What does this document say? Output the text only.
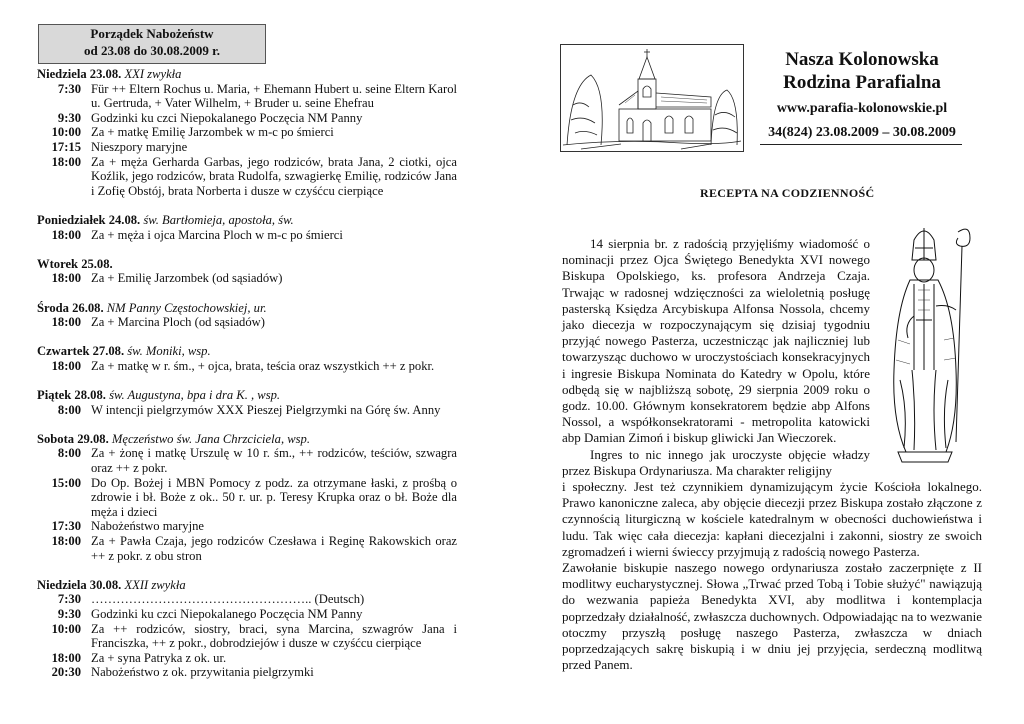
Porządek Nabożeństw
od 23.08 do 30.08.2009 r.
Niedziela 23.08. XXI zwykła
7:30 Für ++ Eltern Rochus u. Maria, + Ehemann Hubert u. seine Eltern Karol u. Gertruda, + Vater Wilhelm, + Bruder u. seine Ehefrau
9:30 Godzinki ku czci Niepokalanego Poczęcia NM Panny
10:00 Za + matkę Emilię Jarzombek w m-c po śmierci
17:15 Nieszpory maryjne
18:00 Za + męża Gerharda Garbas, jego rodziców, brata Jana, 2 ciotki, ojca Koźlik, jego rodziców, brata Rudolfa, szwagierkę Emilię, rodziców Jana i Zofię Obstój, brata Norberta i dusze w czyśćcu cierpiące
Poniedziałek 24.08. św. Bartłomieja, apostoła, św.
18:00 Za + męża i ojca Marcina Ploch w m-c po śmierci
Wtorek 25.08.
18:00 Za + Emilię Jarzombek (od sąsiadów)
Środa 26.08. NM Panny Częstochowskiej, ur.
18:00 Za + Marcina Ploch (od sąsiadów)
Czwartek 27.08. św. Moniki, wsp.
18:00 Za + matkę w r. śm., + ojca, brata, teścia oraz wszystkich ++ z pokr.
Piątek 28.08. św. Augustyna, bpa i dra K. , wsp.
8:00 W intencji pielgrzymów XXX Pieszej Pielgrzymki na Górę św. Anny
Sobota 29.08. Męczeństwo św. Jana Chrzciciela, wsp.
8:00 Za + żonę i matkę Urszulę w 10 r. śm., ++ rodziców, teściów, szwagra oraz ++ z pokr.
15:00 Do Op. Bożej i MBN Pomocy z podz. za otrzymane łaski, z prośbą o zdrowie i bł. Boże z ok.. 50 r. ur. p. Teresy Krupka oraz o bł. Boże dla męża i dzieci
17:30 Nabożeństwo maryjne
18:00 Za + Pawła Czaja, jego rodziców Czesława i Reginę Rakowskich oraz ++ z pokr. z obu stron
Niedziela 30.08. XXII zwykła
7:30 …………………………………………….. (Deutsch)
9:30 Godzinki ku czci Niepokalanego Poczęcia NM Panny
10:00 Za ++ rodziców, siostry, braci, syna Marcina, szwagrów Jana i Franciszka, ++ z pokr., dobrodziejów i dusze w czyśćcu cierpiące
18:00 Za + syna Patryka z ok. ur.
20:30 Nabożeństwo z ok. przywitania pielgrzymki
Nasza Kolonowska
Rodzina Parafialna
www.parafia-kolonowskie.pl
34(824) 23.08.2009 – 30.08.2009
RECEPTA NA CODZIENNOŚĆ
14 sierpnia br. z radością przyjęliśmy wiadomość o nominacji przez Ojca Świętego Benedykta XVI nowego Biskupa Opolskiego, ks. profesora Andrzeja Czaja. Trwając w radosnej wdzięczności za wieloletnią posługę pasterską Księdza Arcybiskupa Alfonsa Nossola, chcemy jako diecezja w rozpoczynającym się dzisiaj tygodniu przyjąć nowego Pasterza, uczestnicząc jak najliczniej lub towarzysząc duchowo w uroczystościach konsekracyjnych i ingresie Biskupa Nominata do Katedry w Opolu, które odbędą się w najbliższą sobotę, 29 sierpnia 2009 roku o godz. 10.00. Głównym konsekratorem będzie abp Alfons Nossol, a współkonsekratorami - metropolita katowicki abp Damian Zimoń i biskup gliwicki Jan Wieczorek.
Ingres to nic innego jak uroczyste objęcie władzy przez Biskupa Ordynariusza. Ma charakter religijny
i społeczny. Jest też czynnikiem dynamizującym życie Kościoła lokalnego. Prawo kanoniczne zaleca, aby objęcie diecezji przez Biskupa zostało złączone z czynnością liturgiczną w kościele katedralnym w obecności duchowieństwa i ludu. Tak więc cała diecezja: kapłani diecezjalni i zakonni, siostry ze swoich zgromadzeń i wierni świeccy przyjmują z radością nowego Pasterza.
Zawołanie biskupie naszego nowego ordynariusza zostało zaczerpnięte z II modlitwy eucharystycznej. Słowa „Trwać przed Tobą i Tobie służyć" nawiązują do wezwania papieża Benedykta XVI, aby modlitwa i kontemplacja poprzedzały działalność, zwłaszcza duchownych. Odpowiadając na to wezwanie otoczmy przyszłą posługę naszego Pasterza, zwłaszcza w dniach poprzedzających sakrę biskupią i w dniu jej przyjęcia, serdeczną modlitwą przed Panem.
